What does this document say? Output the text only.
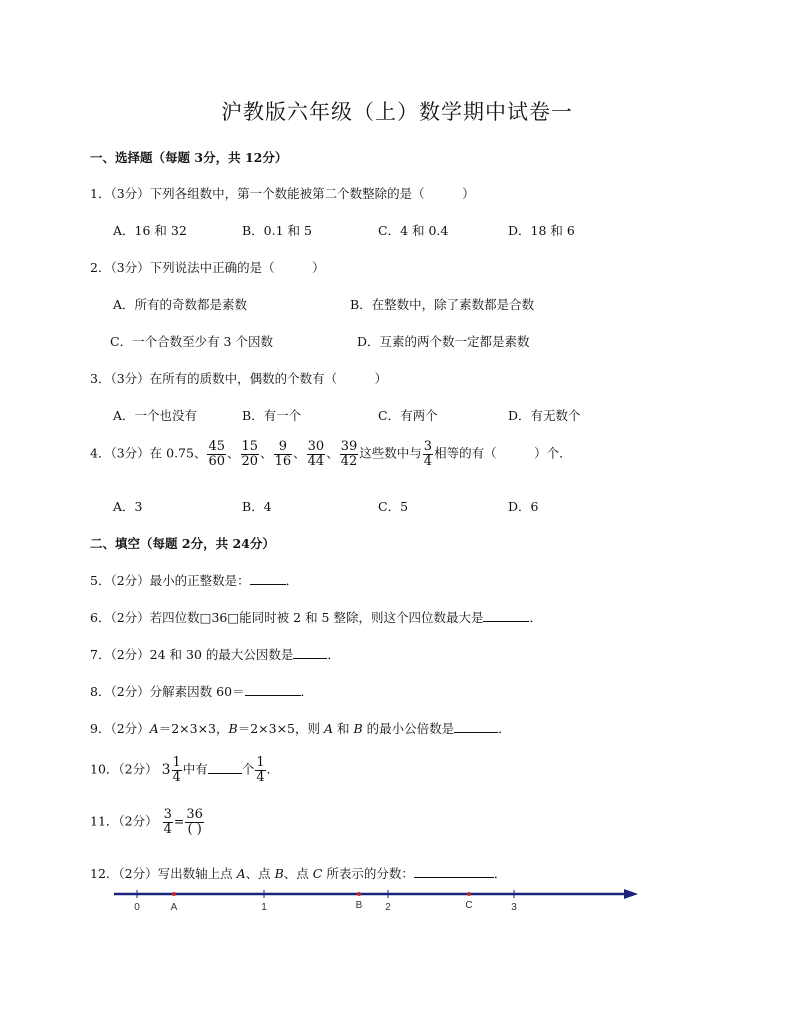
沪教版六年级（上）数学期中试卷一
一、选择题（每题 3分，共 12分）
1．（3分）下列各组数中，第一个数能被第二个数整除的是（　　　）
A．16 和 32	B．0.1 和 5	C．4 和 0.4	D．18 和 6
2．（3分）下列说法中正确的是（　　　）
A．所有的奇数都是素数	B．在整数中，除了素数都是合数
C．一个合数至少有 3 个因数	D．互素的两个数一定都是素数
3．（3分）在所有的质数中，偶数的个数有（　　　）
A．一个也没有	B．有一个	C．有两个	D．有无数个
4．（3分）在 0.75、 $\frac{45}{60}$ 、 $\frac{15}{20}$ 、 $\frac{9}{16}$ 、 $\frac{30}{44}$ 、 $\frac{39}{42}$ 这些数中与 $\frac{3}{4}$ 相等的有（　　　）个．
A．3	B．4	C．5	D．6
二、填空（每题 2分，共 24分）
5．（2分）最小的正整数是：	．
6．（2分）若四位数□36□能同时被 2 和 5 整除，则这个四位数最大是	．
7．（2分）24 和 30 的最大公因数是	．
8．（2分）分解素因数 60＝	．
9．（2分）A＝2×3×3，B＝2×3×5，则 A 和 B 的最小公倍数是	．
10．（2分） $3 \frac{1}{4}$ 中有	个 $\frac{1}{4}$ ．
11．（2分） $\frac{3}{4} = \frac{36}{( )}$
12．（2分）写出数轴上点 A、点 B、点 C 所表示的分数：	．
0	1	2	3
A	B	C
